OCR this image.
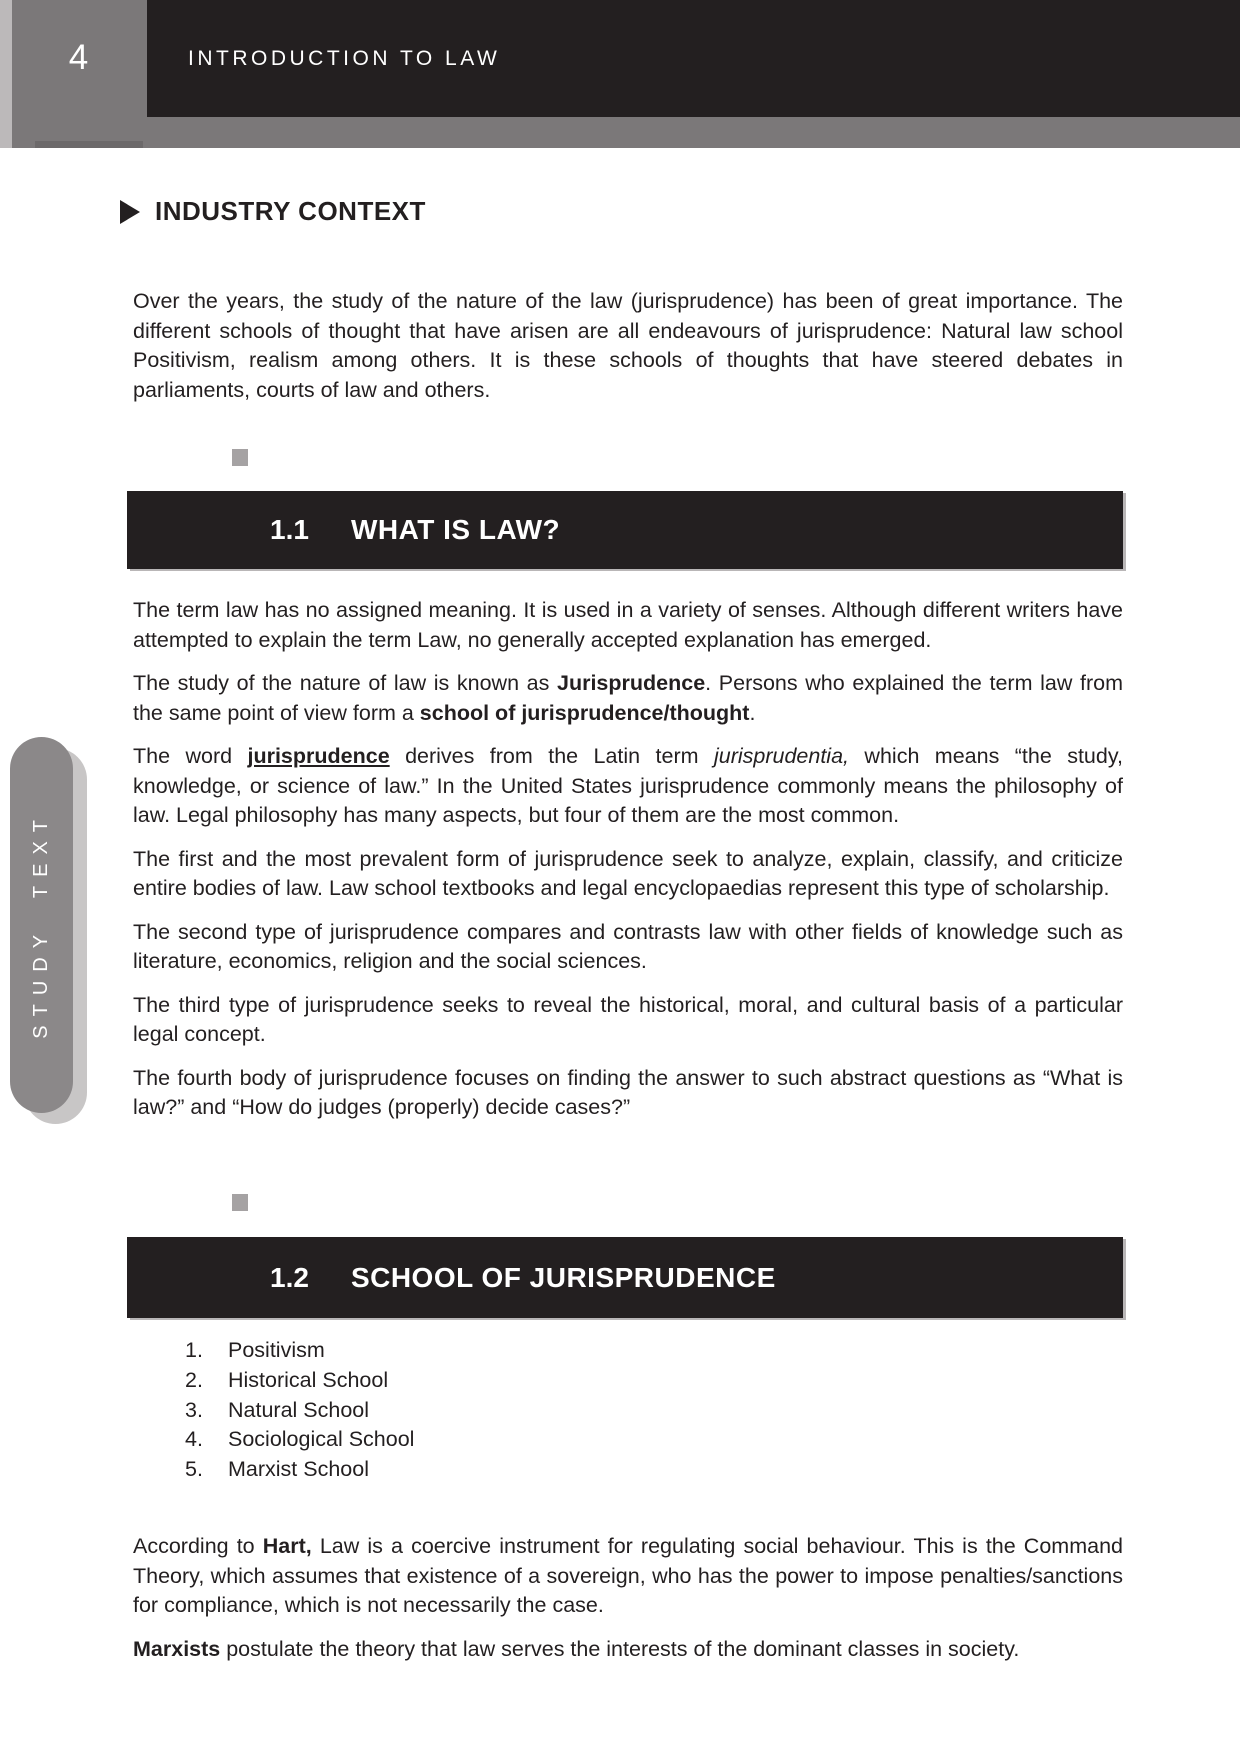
4	INTRODUCTION TO LAW
STUDY TEXT
INDUSTRY CONTEXT
Over the years, the study of the nature of the law (jurisprudence) has been of great importance. The different schools of thought that have arisen are all endeavours of jurisprudence: Natural law school Positivism, realism among others. It is these schools of thoughts that have steered debates in parliaments, courts of law and others.
1.1 WHAT IS LAW?

The term law has no assigned meaning. It is used in a variety of senses. Although different writers have attempted to explain the term Law, no generally accepted explanation has emerged.

The study of the nature of law is known as Jurisprudence. Persons who explained the term law from the same point of view form a school of jurisprudence/thought.

The word jurisprudence derives from the Latin term jurisprudentia, which means “the study, knowledge, or science of law.” In the United States jurisprudence commonly means the philosophy of law. Legal philosophy has many aspects, but four of them are the most common.

The first and the most prevalent form of jurisprudence seek to analyze, explain, classify, and criticize entire bodies of law. Law school textbooks and legal encyclopaedias represent this type of scholarship.

The second type of jurisprudence compares and contrasts law with other fields of knowledge such as literature, economics, religion and the social sciences.

The third type of jurisprudence seeks to reveal the historical, moral, and cultural basis of a particular legal concept.

The fourth body of jurisprudence focuses on finding the answer to such abstract questions as “What is law?” and “How do judges (properly) decide cases?”

1.2 SCHOOL OF JURISPRUDENCE
1.	Positivism
2.	Historical School
3.	Natural School
4.	Sociological School
5.	Marxist School

According to Hart, Law is a coercive instrument for regulating social behaviour. This is the Command Theory, which assumes that existence of a sovereign, who has the power to impose penalties/sanctions for compliance, which is not necessarily the case.

Marxists postulate the theory that law serves the interests of the dominant classes in society.
